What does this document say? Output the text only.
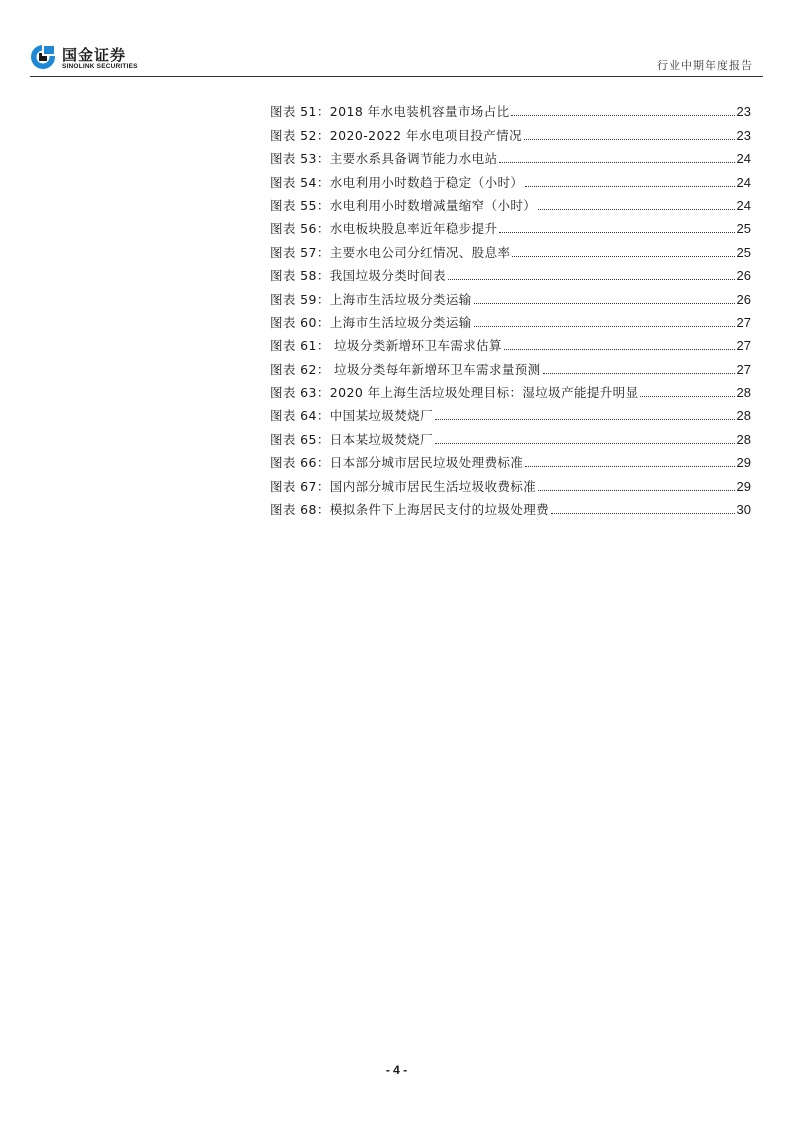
国金证券
SINOLINK SECURITIES	行业中期年度报告
图表 51：2018 年水电装机容量市场占比	23
图表 52：2020-2022 年水电项目投产情况	23
图表 53：主要水系具备调节能力水电站	24
图表 54：水电利用小时数趋于稳定（小时）	24
图表 55：水电利用小时数增减量缩窄（小时）	24
图表 56：水电板块股息率近年稳步提升	25
图表 57：主要水电公司分红情况、股息率	25
图表 58：我国垃圾分类时间表	26
图表 59：上海市生活垃圾分类运输	26
图表 60：上海市生活垃圾分类运输	27
图表 61： 垃圾分类新增环卫车需求估算	27
图表 62： 垃圾分类每年新增环卫车需求量预测	27
图表 63：2020 年上海生活垃圾处理目标：湿垃圾产能提升明显	28
图表 64：中国某垃圾焚烧厂	28
图表 65：日本某垃圾焚烧厂	28
图表 66：日本部分城市居民垃圾处理费标准	29
图表 67：国内部分城市居民生活垃圾收费标准	29
图表 68：模拟条件下上海居民支付的垃圾处理费	30
- 4 -
